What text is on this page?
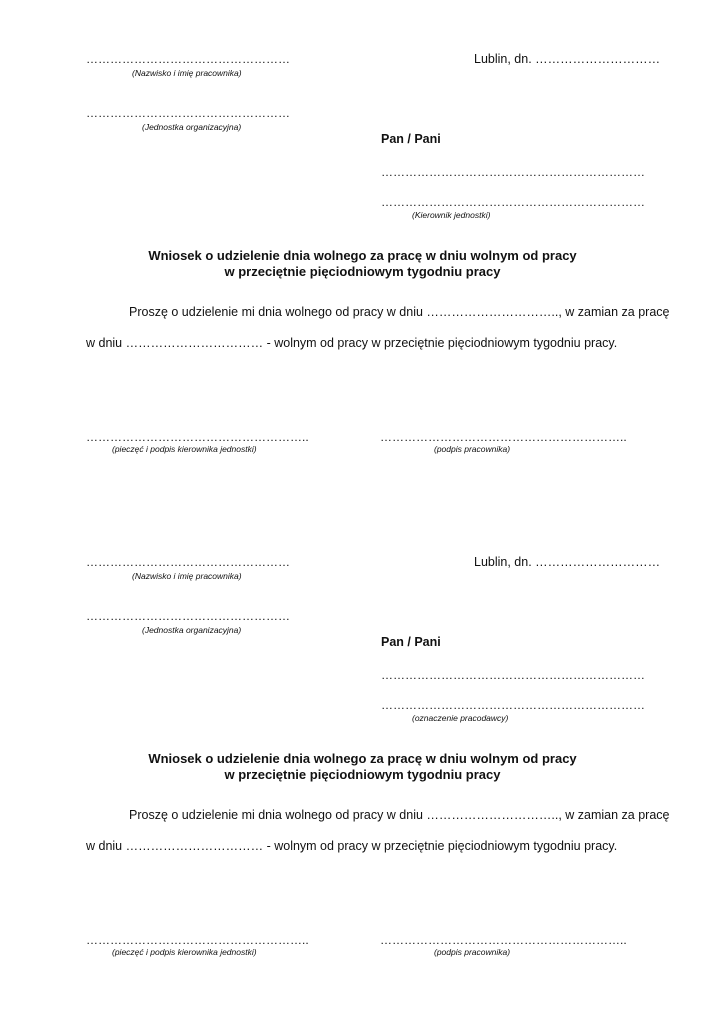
……………………………………………
(Nazwisko i imię pracownika)
Lublin, dn. …………………………
……………………………………………
(Jednostka organizacyjna)
Pan / Pani
…………………………………………………………
…………………………………………………………
(Kierownik jednostki)
Wniosek o udzielenie dnia wolnego za pracę w dniu wolnym od pracy
w przeciętnie pięciodniowym tygodniu pracy
Proszę o udzielenie mi dnia wolnego od pracy w dniu ………………………….., w zamian za pracę
w dniu …………………………… - wolnym od pracy w przeciętnie pięciodniowym tygodniu pracy.
………………………………………………..
(pieczęć i podpis kierownika jednostki)
……………………………………………………..
(podpis pracownika)
……………………………………………
(Nazwisko i imię pracownika)
Lublin, dn. …………………………
……………………………………………
(Jednostka organizacyjna)
Pan / Pani
…………………………………………………………
…………………………………………………………
(oznaczenie pracodawcy)
Wniosek o udzielenie dnia wolnego za pracę w dniu wolnym od pracy
w przeciętnie pięciodniowym tygodniu pracy
Proszę o udzielenie mi dnia wolnego od pracy w dniu ………………………….., w zamian za pracę
w dniu …………………………… - wolnym od pracy w przeciętnie pięciodniowym tygodniu pracy.
………………………………………………..
(pieczęć i podpis kierownika jednostki)
……………………………………………………..
(podpis pracownika)
